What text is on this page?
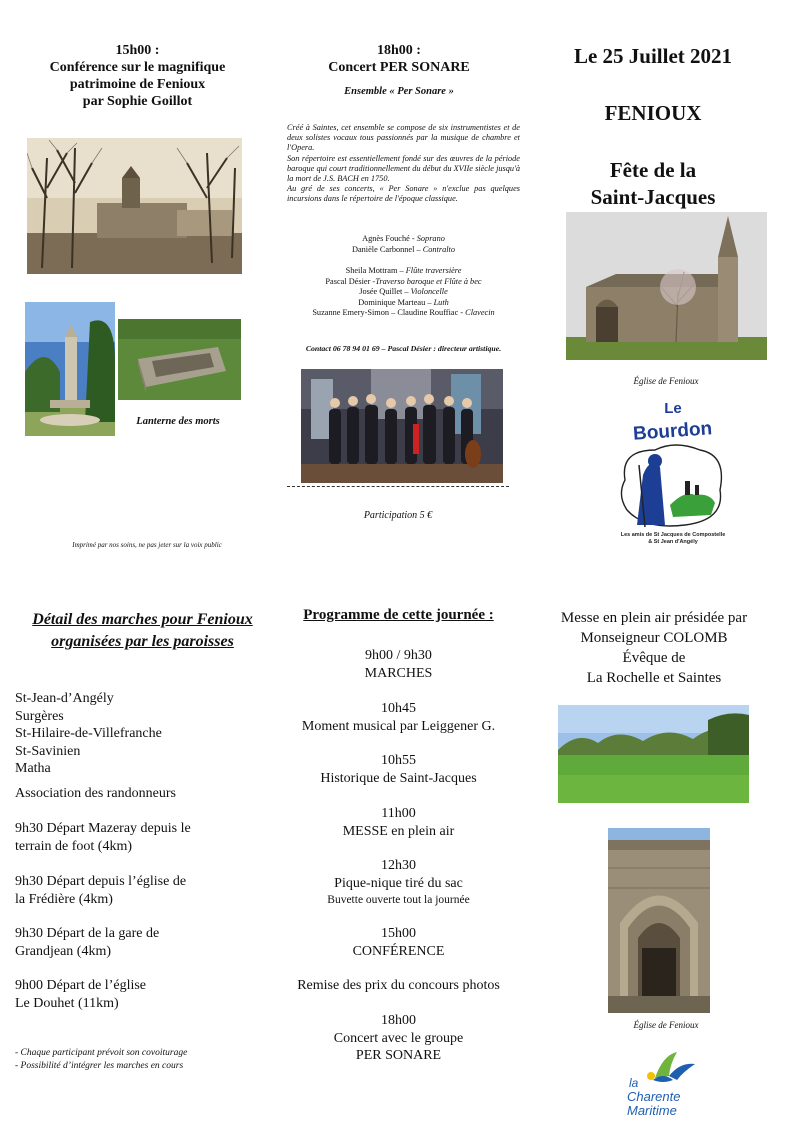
15h00 :
Conférence sur le magnifique
patrimoine de Fenioux
par Sophie Goillot
Lanterne des morts
Imprimé par nos soins, ne pas jeter sur la voix public
18h00 :
Concert PER SONARE
Ensemble « Per Sonare »

Créé à Saintes, cet ensemble se compose de six instrumentistes et de deux solistes vocaux tous passionnés par la musique de chambre et l'Opera.

Son répertoire est essentiellement fondé sur des œuvres de la période baroque qui court traditionnellement du début du XVIIe siècle jusqu'à la mort de J.S. BACH en 1750.

Au gré de ses concerts, « Per Sonare » n'exclue pas quelques incursions dans le répertoire de l'époque classique.

Agnès Fouché - Soprano
Danièle Carbonnel – Contralto
Sheila Mottram – Flûte traversière
Pascal Désier -Traverso baroque et Flûte à bec
Josée Quillet – Violoncelle
Dominique Marteau – Luth
Suzanne Emery-Simon – Claudine Rouffiac - Clavecin
Contact 06 78 94 01 69 – Pascal Désier : directeur artistique.
Participation 5 €
Le 25 Juillet 2021
FENIOUX
Fête de la
Saint-Jacques
Église de Fenioux
Le
Bourdon
Les amis de St Jacques de Compostelle
& St Jean d'Angély
Détail des marches pour Fenioux organisées par les paroisses
St-Jean-d’Angély
Surgères
St-Hilaire-de-Villefranche
St-Savinien
Matha
Association des randonneurs
9h30 Départ Mazeray depuis le
terrain de foot (4km)
9h30 Départ depuis l’église de
la Frédière (4km)
9h30 Départ de la gare de
Grandjean (4km)
9h00 Départ de l’église
Le Douhet (11km)
- Chaque participant prévoit son covoiturage
- Possibilité d’intégrer les marches en cours
Programme de cette journée :
9h00 / 9h30
MARCHES
10h45
Moment musical par Leiggener G.
10h55
Historique de Saint-Jacques
11h00
MESSE en plein air
12h30
Pique-nique tiré du sac
Buvette ouverte tout la journée
15h00
CONFÉRENCE
Remise des prix du concours photos
18h00
Concert avec le groupe
PER SONARE
Messe en plein air présidée par
Monseigneur COLOMB
Évêque de
La Rochelle et Saintes
Église de Fenioux
la
Charente
Maritime
